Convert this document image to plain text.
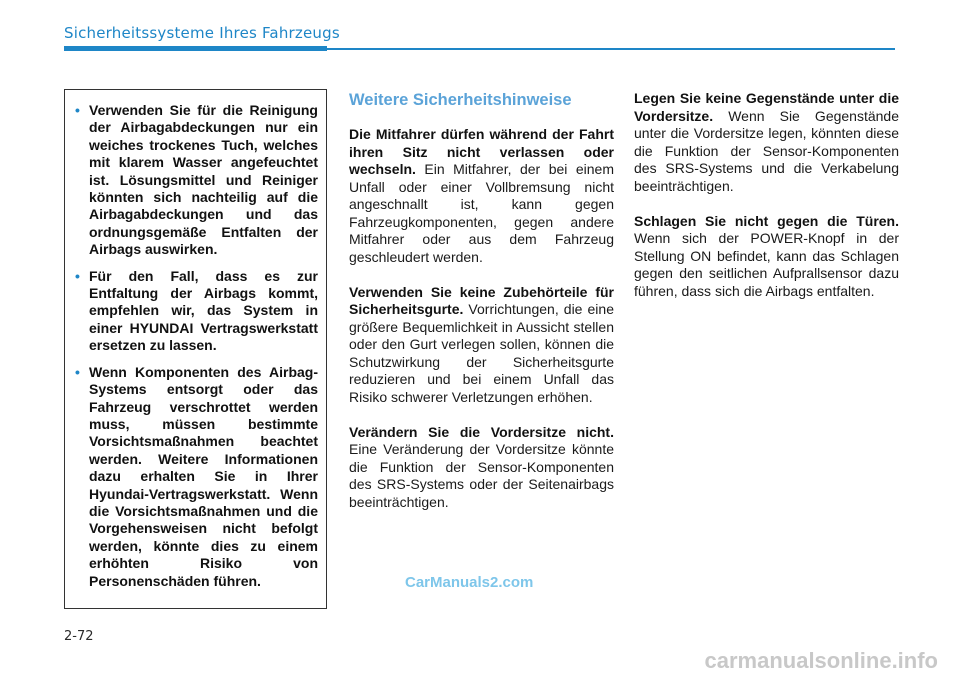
Sicherheitssysteme Ihres Fahrzeugs
• Verwenden Sie für die Reinigung der Airbagabdeckungen nur ein weiches trockenes Tuch, welches mit klarem Wasser angefeuchtet ist. Lösungsmittel und Reiniger könnten sich nachteilig auf die Airbagabdeckungen und das ordnungsgemäße Entfalten der Airbags auswirken.
• Für den Fall, dass es zur Entfaltung der Airbags kommt, empfehlen wir, das System in einer HYUNDAI Vertragswerkstatt ersetzen zu lassen.
• Wenn Komponenten des Airbag-Systems entsorgt oder das Fahrzeug verschrottet werden muss, müssen bestimmte Vorsichtsmaßnahmen beachtet werden. Weitere Informationen dazu erhalten Sie in Ihrer Hyundai-Vertragswerkstatt. Wenn die Vorsichtsmaßnahmen und die Vorgehensweisen nicht befolgt werden, könnte dies zu einem erhöhten Risiko von Personenschäden führen.
Weitere Sicherheitshinweise

Die Mitfahrer dürfen während der Fahrt ihren Sitz nicht verlassen oder wechseln. Ein Mitfahrer, der bei einem Unfall oder einer Vollbremsung nicht angeschnallt ist, kann gegen Fahrzeugkomponenten, gegen andere Mitfahrer oder aus dem Fahrzeug geschleudert werden.

Verwenden Sie keine Zubehörteile für Sicherheitsgurte. Vorrichtungen, die eine größere Bequemlichkeit in Aussicht stellen oder den Gurt verlegen sollen, können die Schutzwirkung der Sicherheitsgurte reduzieren und bei einem Unfall das Risiko schwerer Verletzungen erhöhen.

Verändern Sie die Vordersitze nicht. Eine Veränderung der Vordersitze könnte die Funktion der Sensor-Komponenten des SRS-Systems oder der Seitenairbags beeinträchtigen.

Legen Sie keine Gegenstände unter die Vordersitze. Wenn Sie Gegenstände unter die Vordersitze legen, könnten diese die Funktion der Sensor-Komponenten des SRS-Systems und die Verkabelung beeinträchtigen.

Schlagen Sie nicht gegen die Türen. Wenn sich der POWER-Knopf in der Stellung ON befindet, kann das Schlagen gegen den seitlichen Aufprallsensor dazu führen, dass sich die Airbags entfalten.

CarManuals2.com
2-72
carmanualsonline.info
